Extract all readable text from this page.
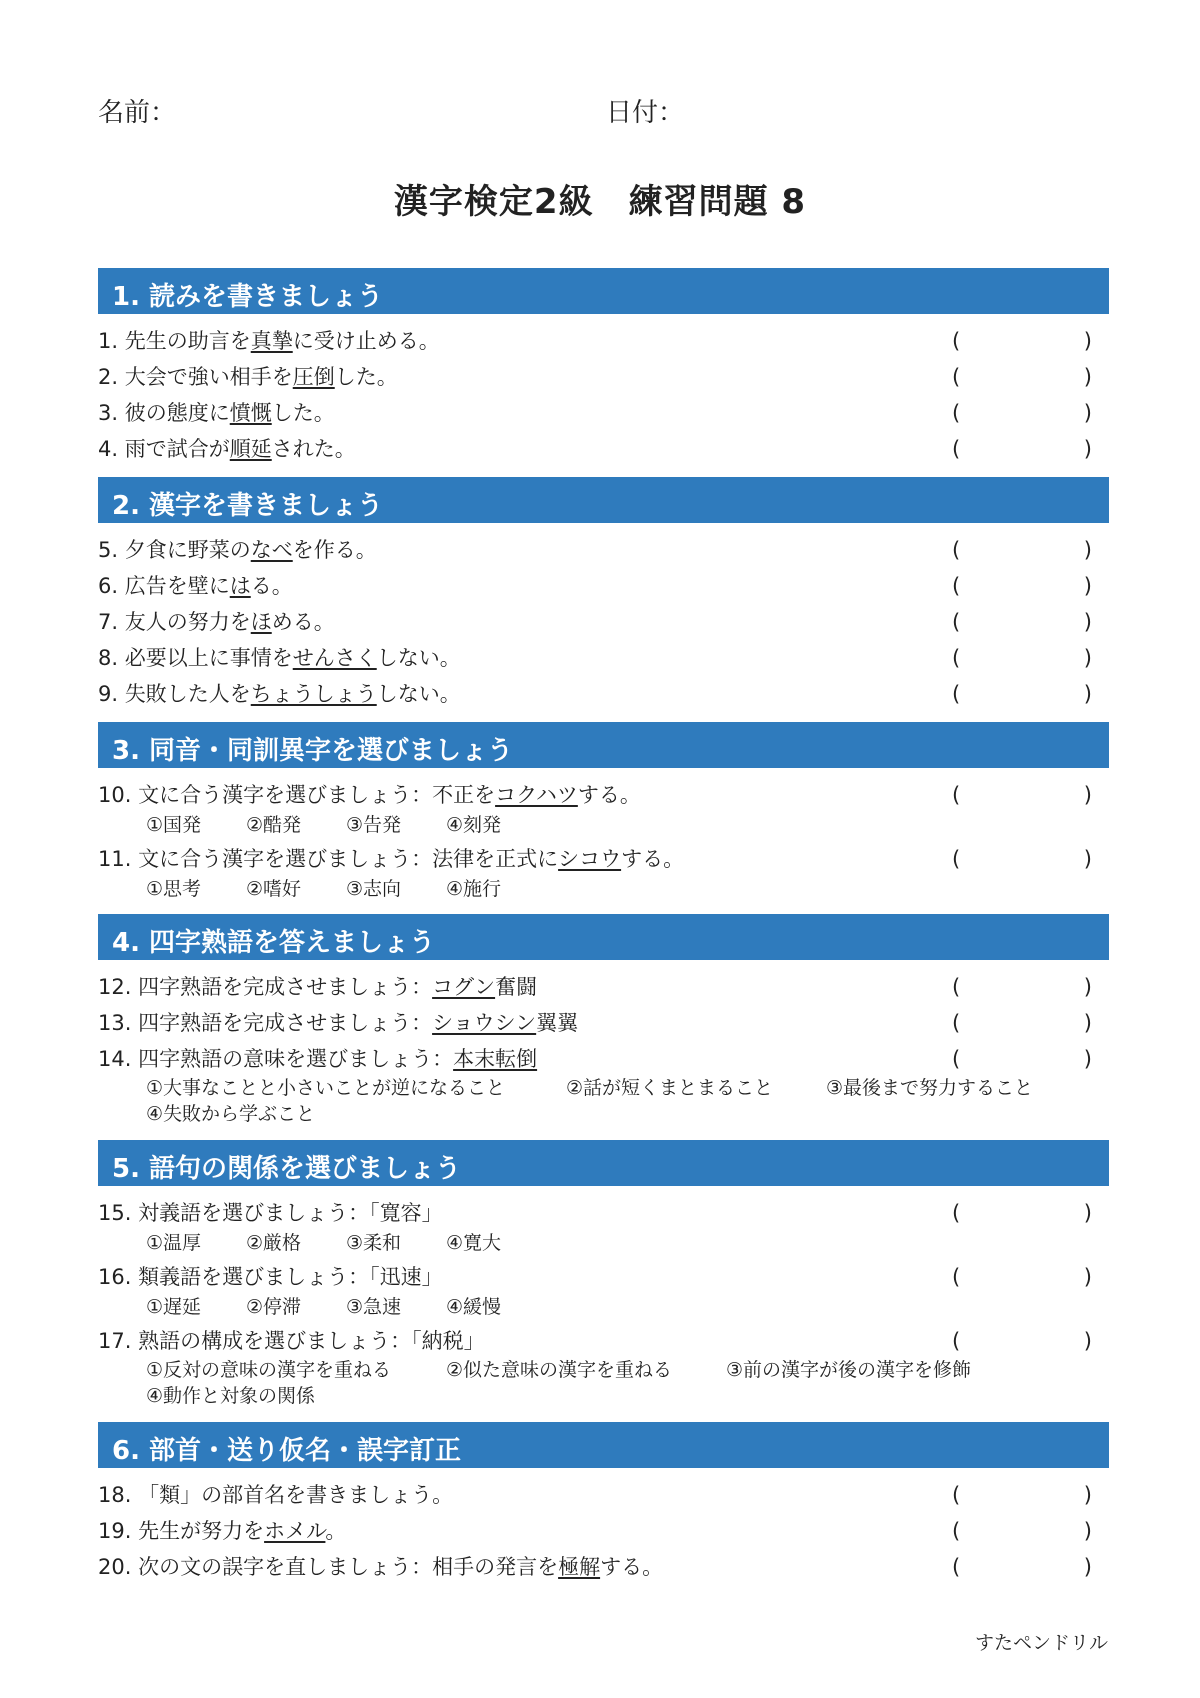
名前：	日付：
漢字検定2級　練習問題 8
1. 読みを書きましょう
1. 先生の助言を真摯に受け止める。	(	)
2. 大会で強い相手を圧倒した。	(	)
3. 彼の態度に憤慨した。	(	)
4. 雨で試合が順延された。	(	)
2. 漢字を書きましょう
5. 夕食に野菜のなべを作る。	(	)
6. 広告を壁にはる。	(	)
7. 友人の努力をほめる。	(	)
8. 必要以上に事情をせんさくしない。	(	)
9. 失敗した人をちょうしょうしない。	(	)
3. 同音・同訓異字を選びましょう
10. 文に合う漢字を選びましょう：不正をコクハツする。	(	)
①国発 ②酷発 ③告発 ④刻発
11. 文に合う漢字を選びましょう：法律を正式にシコウする。	(	)
①思考 ②嗜好 ③志向 ④施行
4. 四字熟語を答えましょう
12. 四字熟語を完成させましょう：コグン奮闘	(	)
13. 四字熟語を完成させましょう：ショウシン翼翼	(	)
14. 四字熟語の意味を選びましょう：本末転倒	(	)
①大事なことと小さいことが逆になること	②話が短くまとまること	③最後まで努力すること
④失敗から学ぶこと
5. 語句の関係を選びましょう
15. 対義語を選びましょう：「寛容」	(	)
①温厚 ②厳格 ③柔和 ④寛大
16. 類義語を選びましょう：「迅速」	(	)
①遅延 ②停滞 ③急速 ④緩慢
17. 熟語の構成を選びましょう：「納税」	(	)
①反対の意味の漢字を重ねる	②似た意味の漢字を重ねる	③前の漢字が後の漢字を修飾
④動作と対象の関係
6. 部首・送り仮名・誤字訂正
18. 「類」の部首名を書きましょう。	(	)
19. 先生が努力をホメル。	(	)
20. 次の文の誤字を直しましょう：相手の発言を極解する。	(	)
すたペンドリル
